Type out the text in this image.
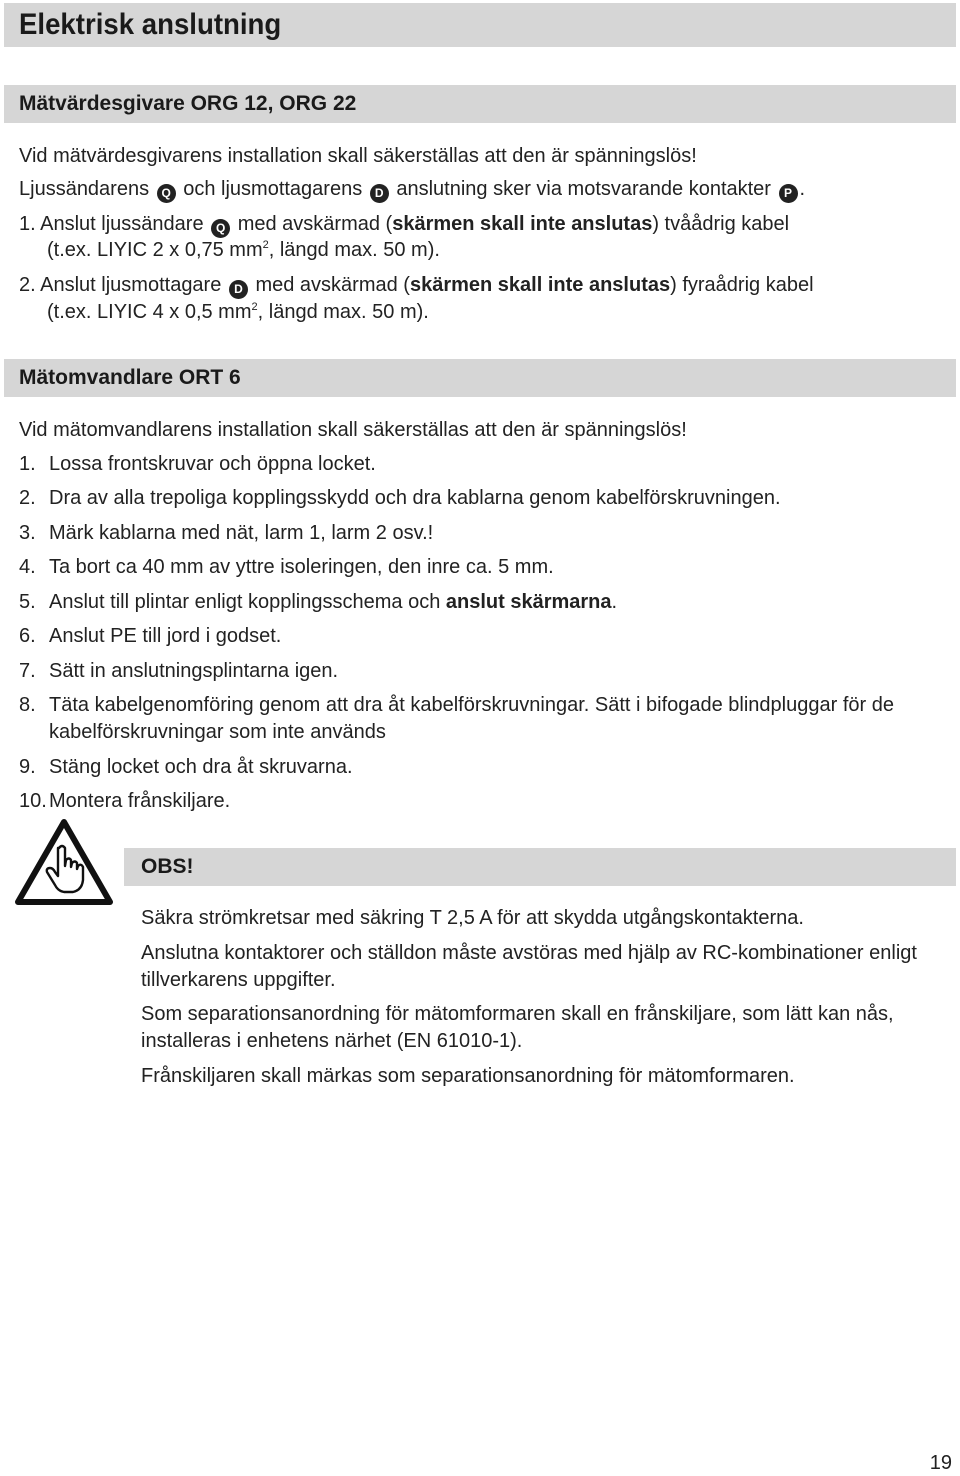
Elektrisk anslutning
Mätvärdesgivare ORG 12, ORG 22
Vid mätvärdesgivarens installation skall säkerställas att den är spänningslös!
Ljussändarens Q och ljusmottagarens D anslutning sker via motsvarande kontakter P .
1. Anslut ljussändare Q med avskärmad (skärmen skall inte anslutas) tvåådrig kabel
(t.ex. LIYIC 2 x 0,75 $mm^2$, längd max. 50 m).
2. Anslut ljusmottagare D med avskärmad (skärmen skall inte anslutas) fyraådrig kabel
(t.ex. LIYIC 4 x 0,5 $mm^2$, längd max. 50 m).
Mätomvandlare ORT 6
Vid mätomvandlarens installation skall säkerställas att den är spänningslös!
1. Lossa frontskruvar och öppna locket.
2. Dra av alla trepoliga kopplingsskydd och dra kablarna genom kabelförskruvningen.
3. Märk kablarna med nät, larm 1, larm 2 osv.!
4. Ta bort ca 40 mm av yttre isoleringen, den inre ca. 5 mm.
5. Anslut till plintar enligt kopplingsschema och anslut skärmarna.
6. Anslut PE till jord i godset.
7. Sätt in anslutningsplintarna igen.
8. Täta kabelgenomföring genom att dra åt kabelförskruvningar. Sätt i bifogade blindpluggar för de
kabelförskruvningar som inte används
9. Stäng locket och dra åt skruvarna.
10. Montera frånskiljare.
OBS!
Säkra strömkretsar med säkring T 2,5 A för att skydda utgångskontakterna.
Anslutna kontaktorer och ställdon måste avstöras med hjälp av RC-kombinationer enligt
tillverkarens uppgifter.
Som separationsanordning för mätomformaren skall en frånskiljare, som lätt kan nås,
installeras i enhetens närhet (EN 61010-1).
Frånskiljaren skall märkas som separationsanordning för mätomformaren.
19
